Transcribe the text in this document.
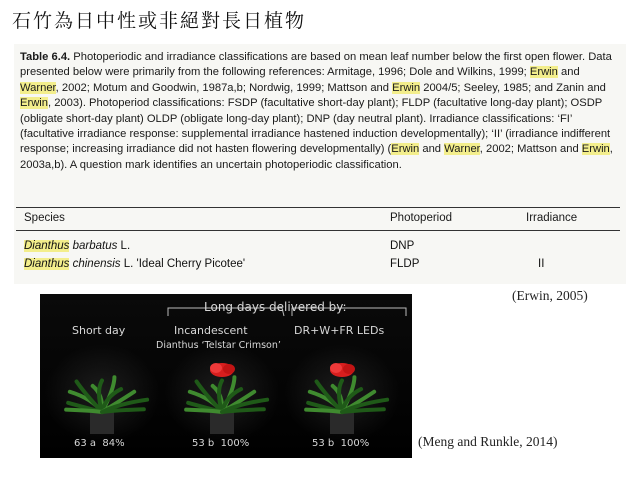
石竹為日中性或非絕對長日植物
Table 6.4. Photoperiodic and irradiance classifications are based on mean leaf number below the first open flower. Data presented below were primarily from the following references: Armitage, 1996; Dole and Wilkins, 1999; Erwin and Warner, 2002; Motum and Goodwin, 1987a,b; Nordwig, 1999; Mattson and Erwin 2004/5; Seeley, 1985; and Zanin and Erwin, 2003). Photoperiod classifications: FSDP (facultative short-day plant); FLDP (facultative long-day plant); OSDP (obligate short-day plant) OLDP (obligate long-day plant); DNP (day neutral plant). Irradiance classifications: ‘FI’ (facultative irradiance response: supplemental irradiance hastened induction developmentally); ‘II’ (irradiance indifferent response; increasing irradiance did not hasten flowering developmentally) (Erwin and Warner, 2002; Mattson and Erwin, 2003a,b). A question mark identifies an uncertain photoperiodic classification.
Species	Photoperiod	Irradiance
Dianthus barbatus L.	DNP
Dianthus chinensis L. 'Ideal Cherry Picotee'	FLDP	II
(Erwin, 2005)
Long days delivered by:
Short day	Incandescent	DR+W+FR LEDs
Dianthus ‘Telstar Crimson’
63 a 84%	53 b 100%	53 b 100%	(Meng and Runkle, 2014)
